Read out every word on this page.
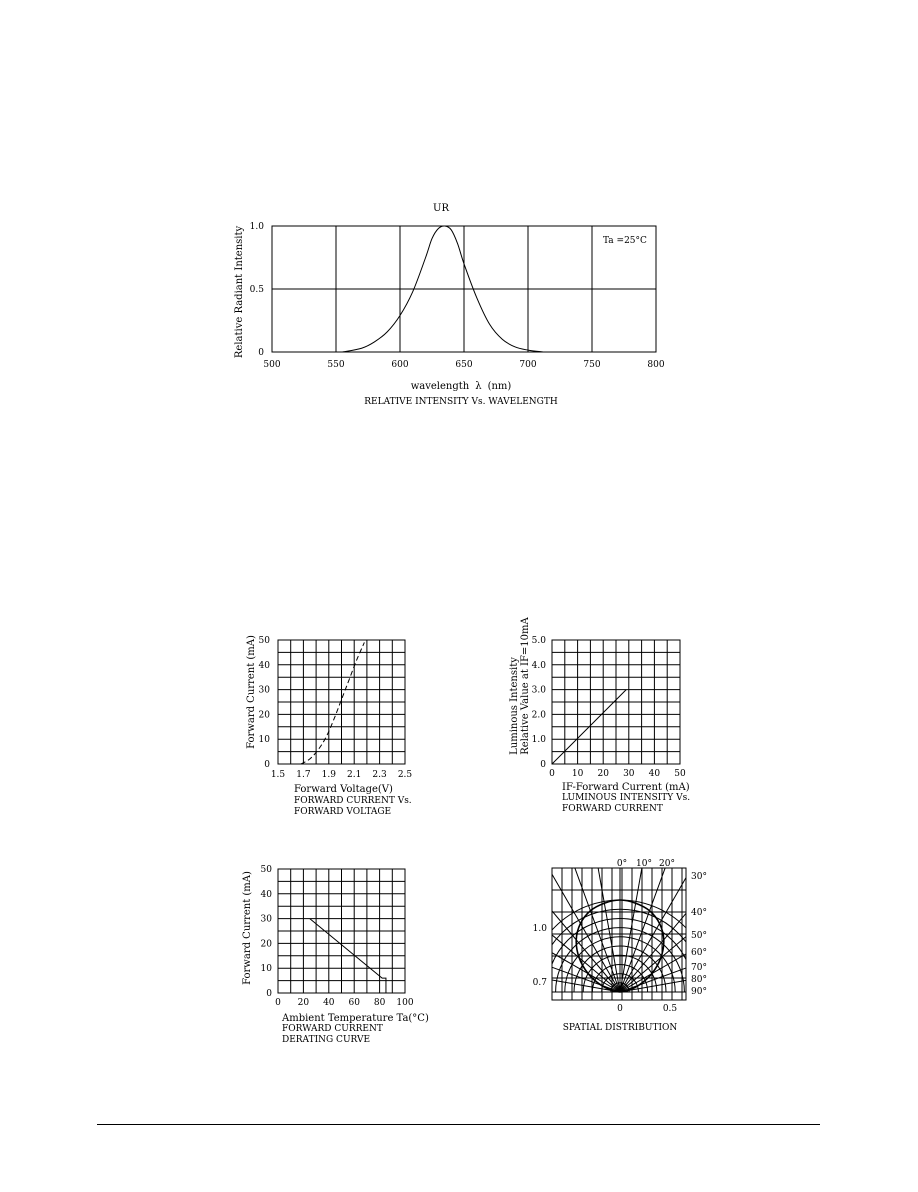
UR
500	550	600	650	700	750	800
0
0.5
1.0
Ta =25°C
Relative Radiant Intensity
wavelength λ (nm)
RELATIVE INTENSITY Vs. WAVELENGTH
1.5 1.7 1.9 2.1 2.3 2.5
0
10
20
30
40
50
Forward Current (mA)
Forward Voltage(V)
FORWARD CURRENT Vs.
FORWARD VOLTAGE
0 10 20 30 40 50
0
1.0
2.0
3.0
4.0
5.0
Luminous Intensity Relative Value at IF=10mA
IF-Forward Current (mA)
LUMINOUS INTENSITY Vs.
FORWARD CURRENT
0 20 40 60 80 100
0
10
20
30
40
50
Forward Current (mA)
Ambient Temperature Ta(°C)
FORWARD CURRENT
DERATING CURVE
0° 10° 20°
30°
40°
50°
60°
70°
80°
90°
1.0
0.7
0	0.5
SPATIAL DISTRIBUTION
